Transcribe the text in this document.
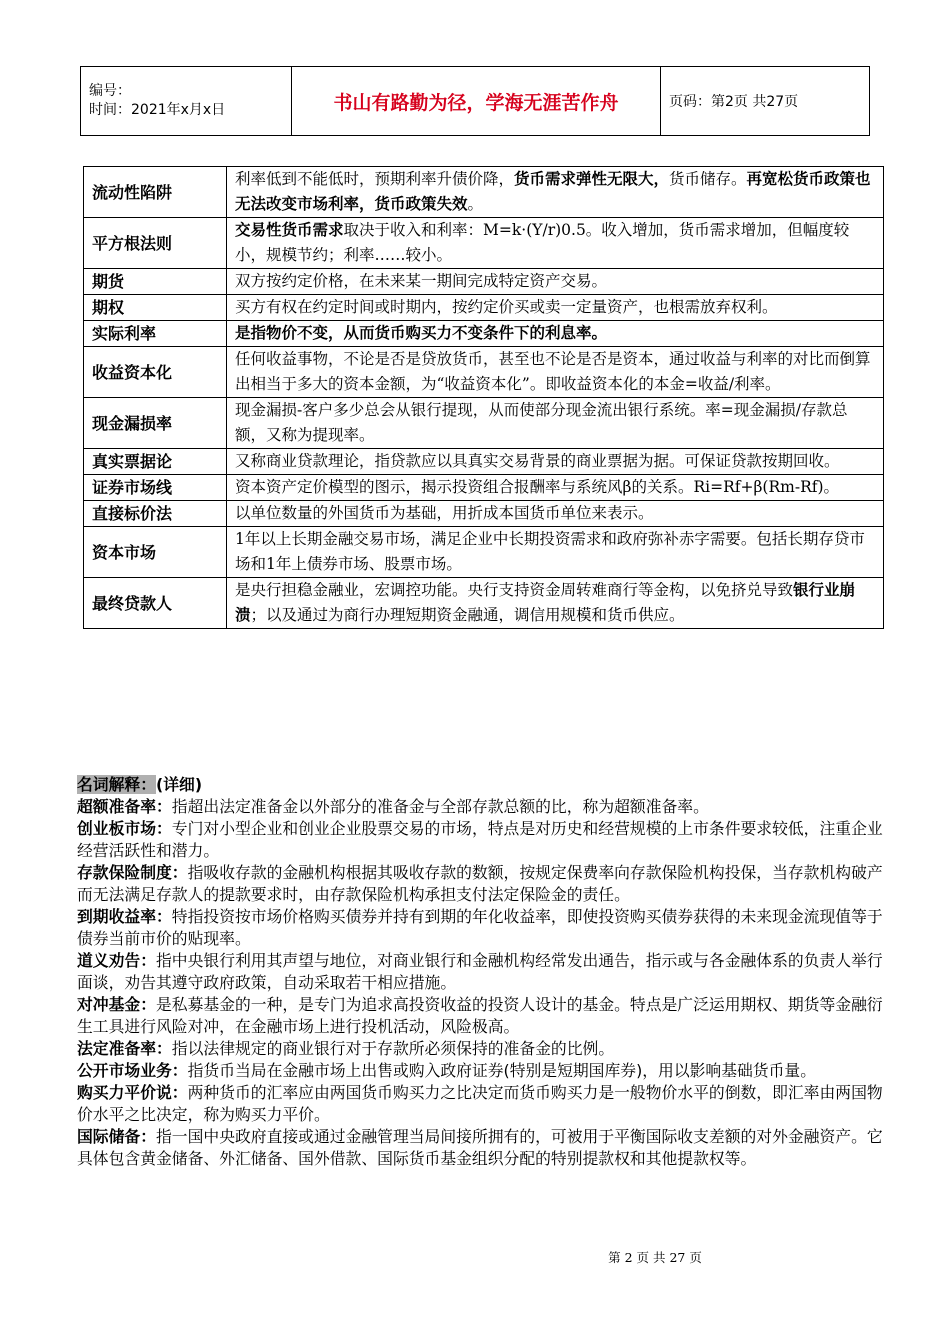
编号：
时间：2021年x月x日	书山有路勤为径，学海无涯苦作舟	页码：第2页 共27页
流动性陷阱	利率低到不能低时，预期利率升债价降，货币需求弹性无限大，货币储存。再宽松货币政策也无法改变市场利率，货币政策失效。
平方根法则	交易性货币需求取决于收入和利率：M=k·(Y/r)0.5。收入增加，货币需求增加，但幅度较小，规模节约；利率……较小。
期货	双方按约定价格，在未来某一期间完成特定资产交易。
期权	买方有权在约定时间或时期内，按约定价买或卖一定量资产，也根需放弃权利。
实际利率	是指物价不变，从而货币购买力不变条件下的利息率。
收益资本化	任何收益事物，不论是否是贷放货币，甚至也不论是否是资本，通过收益与利率的对比而倒算出相当于多大的资本金额，为“收益资本化”。即收益资本化的本金=收益/利率。
现金漏损率	现金漏损-客户多少总会从银行提现，从而使部分现金流出银行系统。率=现金漏损/存款总额，又称为提现率。
真实票据论	又称商业贷款理论，指贷款应以具真实交易背景的商业票据为据。可保证贷款按期回收。
证券市场线	资本资产定价模型的图示，揭示投资组合报酬率与系统风β的关系。Ri=Rf+β(Rm-Rf)。
直接标价法	以单位数量的外国货币为基础，用折成本国货币单位来表示。
资本市场	1年以上长期金融交易市场，满足企业中长期投资需求和政府弥补赤字需要。包括长期存贷市场和1年上债券市场、股票市场。
最终贷款人	是央行担稳金融业，宏调控功能。央行支持资金周转难商行等金构，以免挤兑导致银行业崩溃；以及通过为商行办理短期资金融通，调信用规模和货币供应。

名词解释：(详细)

超额准备率：指超出法定准备金以外部分的准备金与全部存款总额的比，称为超额准备率。

创业板市场：专门对小型企业和创业企业股票交易的市场，特点是对历史和经营规模的上市条件要求较低，注重企业经营活跃性和潜力。

存款保险制度：指吸收存款的金融机构根据其吸收存款的数额，按规定保费率向存款保险机构投保，当存款机构破产而无法满足存款人的提款要求时，由存款保险机构承担支付法定保险金的责任。

到期收益率：特指投资按市场价格购买债券并持有到期的年化收益率，即使投资购买债券获得的未来现金流现值等于债券当前市价的贴现率。

道义劝告：指中央银行利用其声望与地位，对商业银行和金融机构经常发出通告，指示或与各金融体系的负责人举行面谈，劝告其遵守政府政策，自动采取若干相应措施。

对冲基金：是私募基金的一种，是专门为追求高投资收益的投资人设计的基金。特点是广泛运用期权、期货等金融衍生工具进行风险对冲，在金融市场上进行投机活动，风险极高。

法定准备率：指以法律规定的商业银行对于存款所必须保持的准备金的比例。

公开市场业务：指货币当局在金融市场上出售或购入政府证券(特别是短期国库券)，用以影响基础货币量。

购买力平价说：两种货币的汇率应由两国货币购买力之比决定而货币购买力是一般物价水平的倒数，即汇率由两国物价水平之比决定，称为购买力平价。

国际储备：指一国中央政府直接或通过金融管理当局间接所拥有的，可被用于平衡国际收支差额的对外金融资产。它具体包含黄金储备、外汇储备、国外借款、国际货币基金组织分配的特别提款权和其他提款权等。

第 2 页 共 27 页
